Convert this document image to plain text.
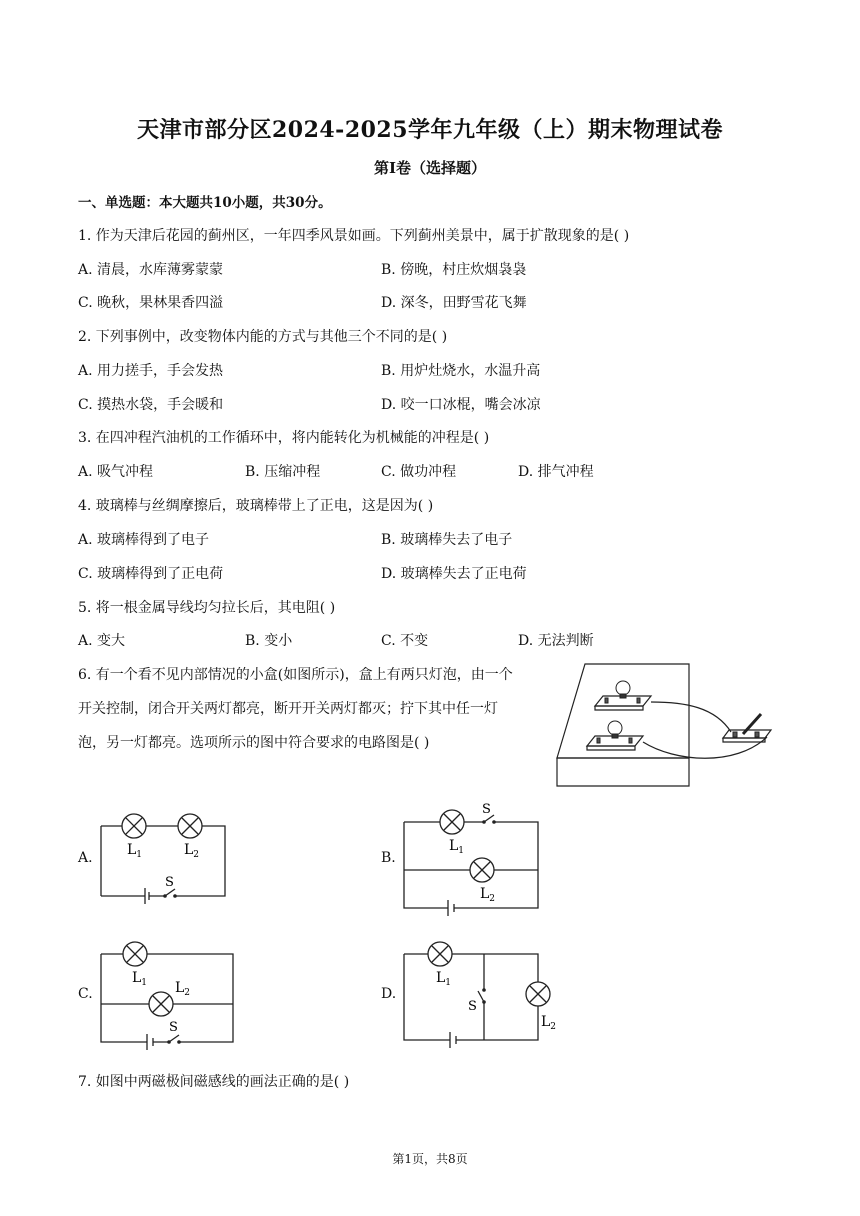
天津市部分区2024-2025学年九年级（上）期末物理试卷
第Ⅰ卷（选择题）
一、单选题：本大题共10小题，共30分。
1. 作为天津后花园的蓟州区，一年四季风景如画。下列蓟州美景中，属于扩散现象的是( )
A. 清晨，水库薄雾蒙蒙	B. 傍晚，村庄炊烟袅袅
C. 晚秋，果林果香四溢	D. 深冬，田野雪花飞舞
2. 下列事例中，改变物体内能的方式与其他三个不同的是( )
A. 用力搓手，手会发热	B. 用炉灶烧水，水温升高
C. 摸热水袋，手会暖和	D. 咬一口冰棍，嘴会冰凉
3. 在四冲程汽油机的工作循环中，将内能转化为机械能的冲程是( )
A. 吸气冲程	B. 压缩冲程	C. 做功冲程	D. 排气冲程
4. 玻璃棒与丝绸摩擦后，玻璃棒带上了正电，这是因为( )
A. 玻璃棒得到了电子	B. 玻璃棒失去了电子
C. 玻璃棒得到了正电荷	D. 玻璃棒失去了正电荷
5. 将一根金属导线均匀拉长后，其电阻( )
A. 变大	B. 变小	C. 不变	D. 无法判断
6. 有一个看不见内部情况的小盒(如图所示)，盒上有两只灯泡，由一个
开关控制，闭合开关两灯都亮，断开开关两灯都灭；拧下其中任一灯
泡，另一灯都亮。选项所示的图中符合要求的电路图是( )
A. $L_1$	$L_2$
S
B.
S
$L_1$
$L_2$
C.
$L_1$ $L_2$
S
D.
$L_1$
$L_2$
S
7. 如图中两磁极间磁感线的画法正确的是( )
第1页，共8页
